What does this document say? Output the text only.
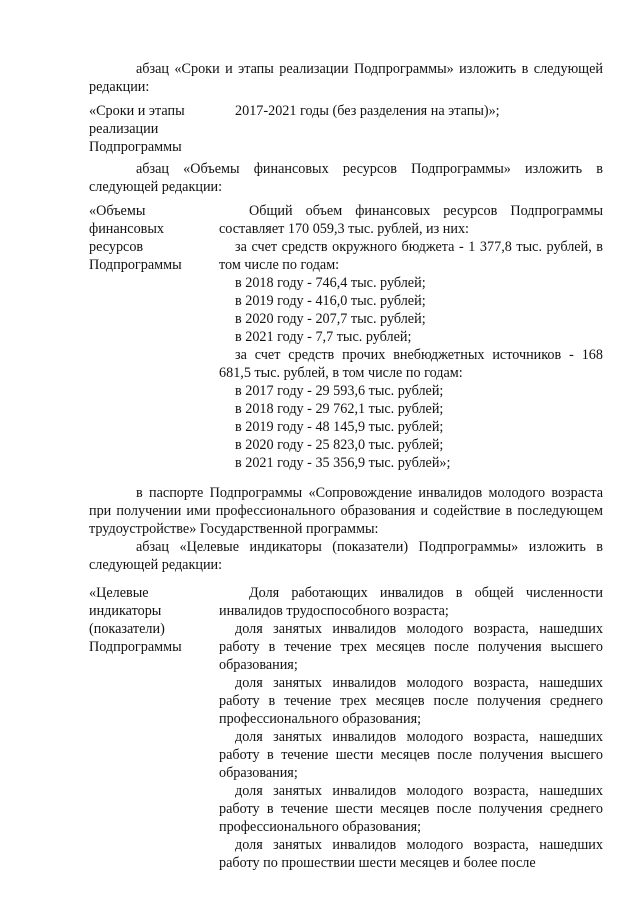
абзац «Сроки и этапы реализации Подпрограммы» изложить в следующей редакции:

«Сроки и этапы реализации Подпрограммы
2017-2021 годы (без разделения на этапы)»;

абзац «Объемы финансовых ресурсов Подпрограммы» изложить в следующей редакции:

«Объемы финансовых ресурсов Подпрограммы

Общий объем финансовых ресурсов Подпрограммы составляет 170 059,3 тыс. рублей, из них:

за счет средств окружного бюджета - 1 377,8 тыс. рублей, в том числе по годам:

в 2018 году - 746,4 тыс. рублей;
в 2019 году - 416,0 тыс. рублей;
в 2020 году - 207,7 тыс. рублей;
в 2021 году - 7,7 тыс. рублей;

за счет средств прочих внебюджетных источников - 168 681,5 тыс. рублей, в том числе по годам:

в 2017 году - 29 593,6 тыс. рублей;
в 2018 году - 29 762,1 тыс. рублей;
в 2019 году - 48 145,9 тыс. рублей;
в 2020 году - 25 823,0 тыс. рублей;
в 2021 году - 35 356,9 тыс. рублей»;

в паспорте Подпрограммы «Сопровождение инвалидов молодого возраста при получении ими профессионального образования и содействие в последующем трудоустройстве» Государственной программы:

абзац «Целевые индикаторы (показатели) Подпрограммы» изложить в следующей редакции:

«Целевые индикаторы (показатели) Подпрограммы

Доля работающих инвалидов в общей численности инвалидов трудоспособного возраста;

доля занятых инвалидов молодого возраста, нашедших работу в течение трех месяцев после получения высшего образования;

доля занятых инвалидов молодого возраста, нашедших работу в течение трех месяцев после получения среднего профессионального образования;

доля занятых инвалидов молодого возраста, нашедших работу в течение шести месяцев после получения высшего образования;

доля занятых инвалидов молодого возраста, нашедших работу в течение шести месяцев после получения среднего профессионального образования;

доля занятых инвалидов молодого возраста, нашедших работу по прошествии шести месяцев и более после
